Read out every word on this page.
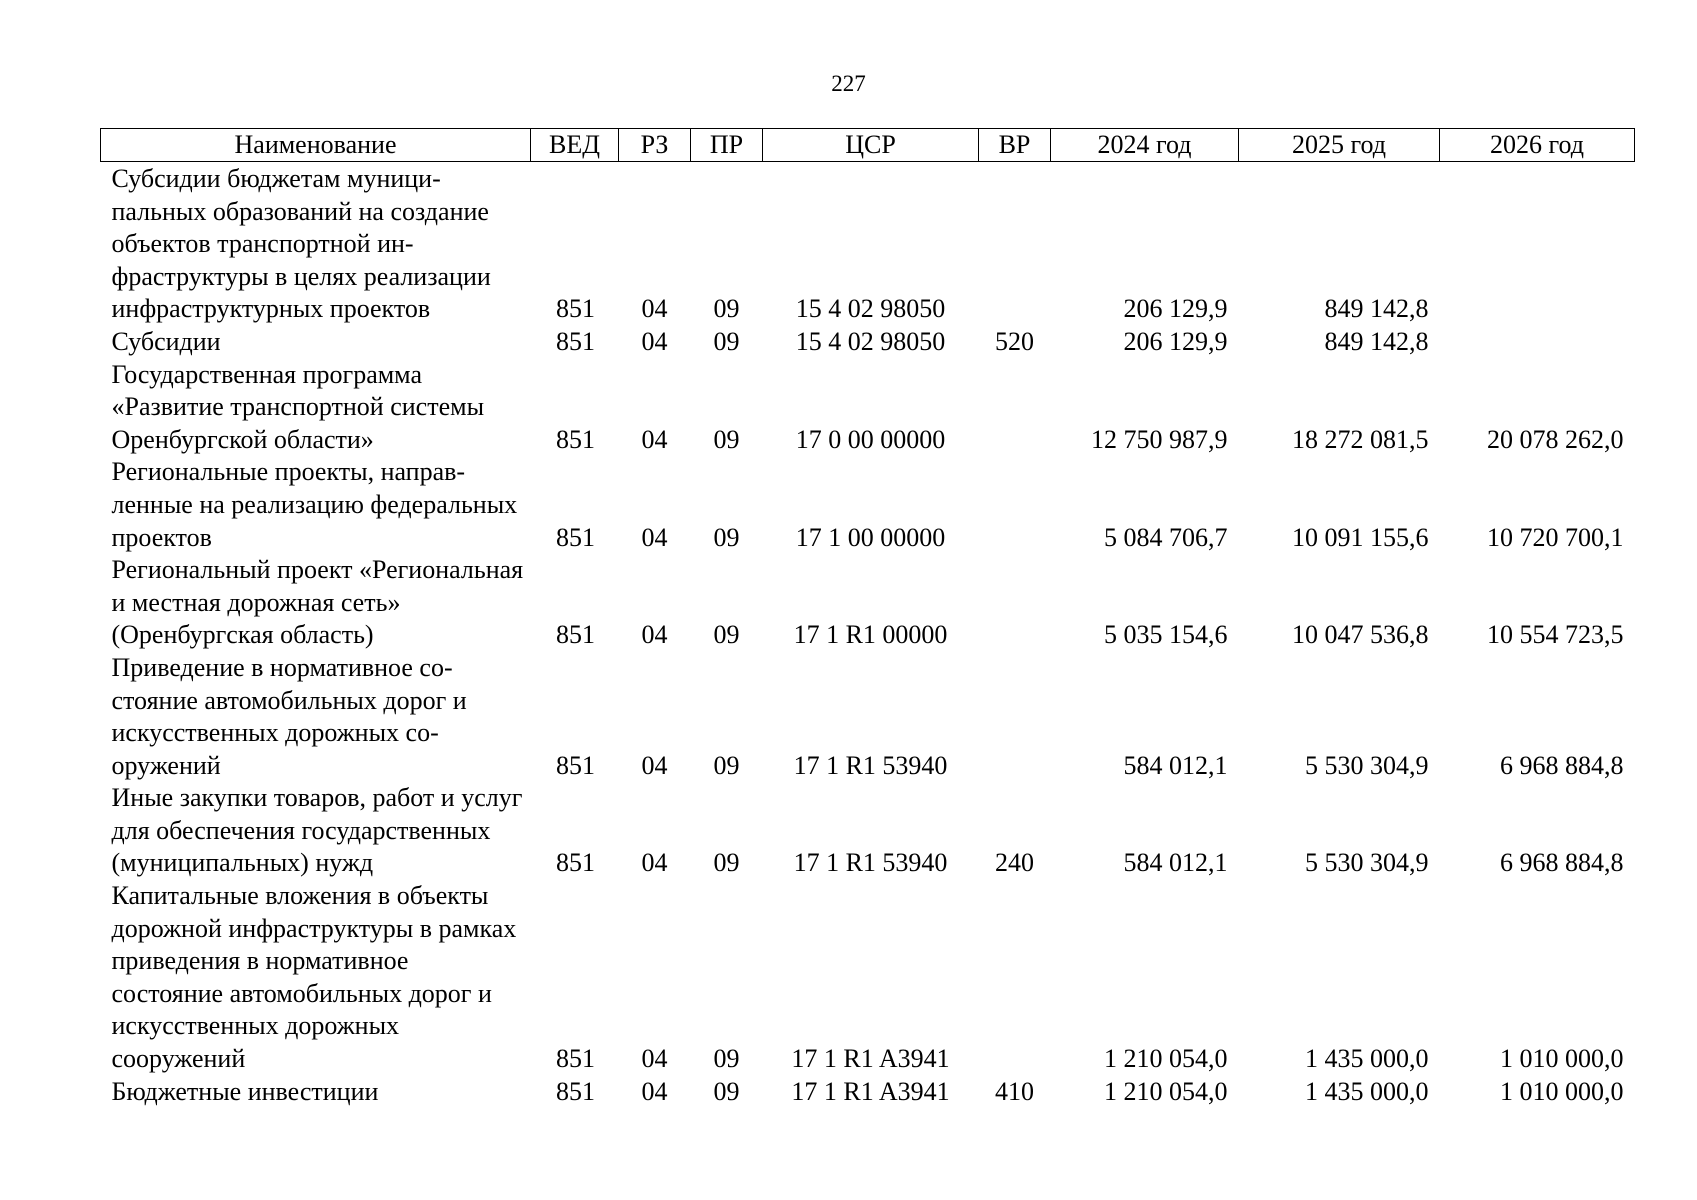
227
Наименование	ВЕД	РЗ	ПР	ЦСР	ВР	2024 год	2025 год	2026 год
Субсидии бюджетам муниципальных образований на создание объектов транспортной инфраструктуры в целях реализации инфраструктурных проектов	851	04	09	15 4 02 98050		206 129,9	849 142,8	
Субсидии	851	04	09	15 4 02 98050	520	206 129,9	849 142,8	
Государственная программа «Развитие транспортной системы Оренбургской области»	851	04	09	17 0 00 00000		12 750 987,9	18 272 081,5	20 078 262,0
Региональные проекты, направленные на реализацию федеральных проектов	851	04	09	17 1 00 00000		5 084 706,7	10 091 155,6	10 720 700,1
Региональный проект «Региональная и местная дорожная сеть» (Оренбургская область)	851	04	09	17 1 R1 00000		5 035 154,6	10 047 536,8	10 554 723,5
Приведение в нормативное состояние автомобильных дорог и искусственных дорожных сооружений	851	04	09	17 1 R1 53940		584 012,1	5 530 304,9	6 968 884,8
Иные закупки товаров, работ и услуг для обеспечения государственных (муниципальных) нужд	851	04	09	17 1 R1 53940	240	584 012,1	5 530 304,9	6 968 884,8
Капитальные вложения в объекты дорожной инфраструктуры в рамках приведения в нормативное состояние автомобильных дорог и искусственных дорожных сооружений	851	04	09	17 1 R1 A3941		1 210 054,0	1 435 000,0	1 010 000,0
Бюджетные инвестиции	851	04	09	17 1 R1 A3941	410	1 210 054,0	1 435 000,0	1 010 000,0
